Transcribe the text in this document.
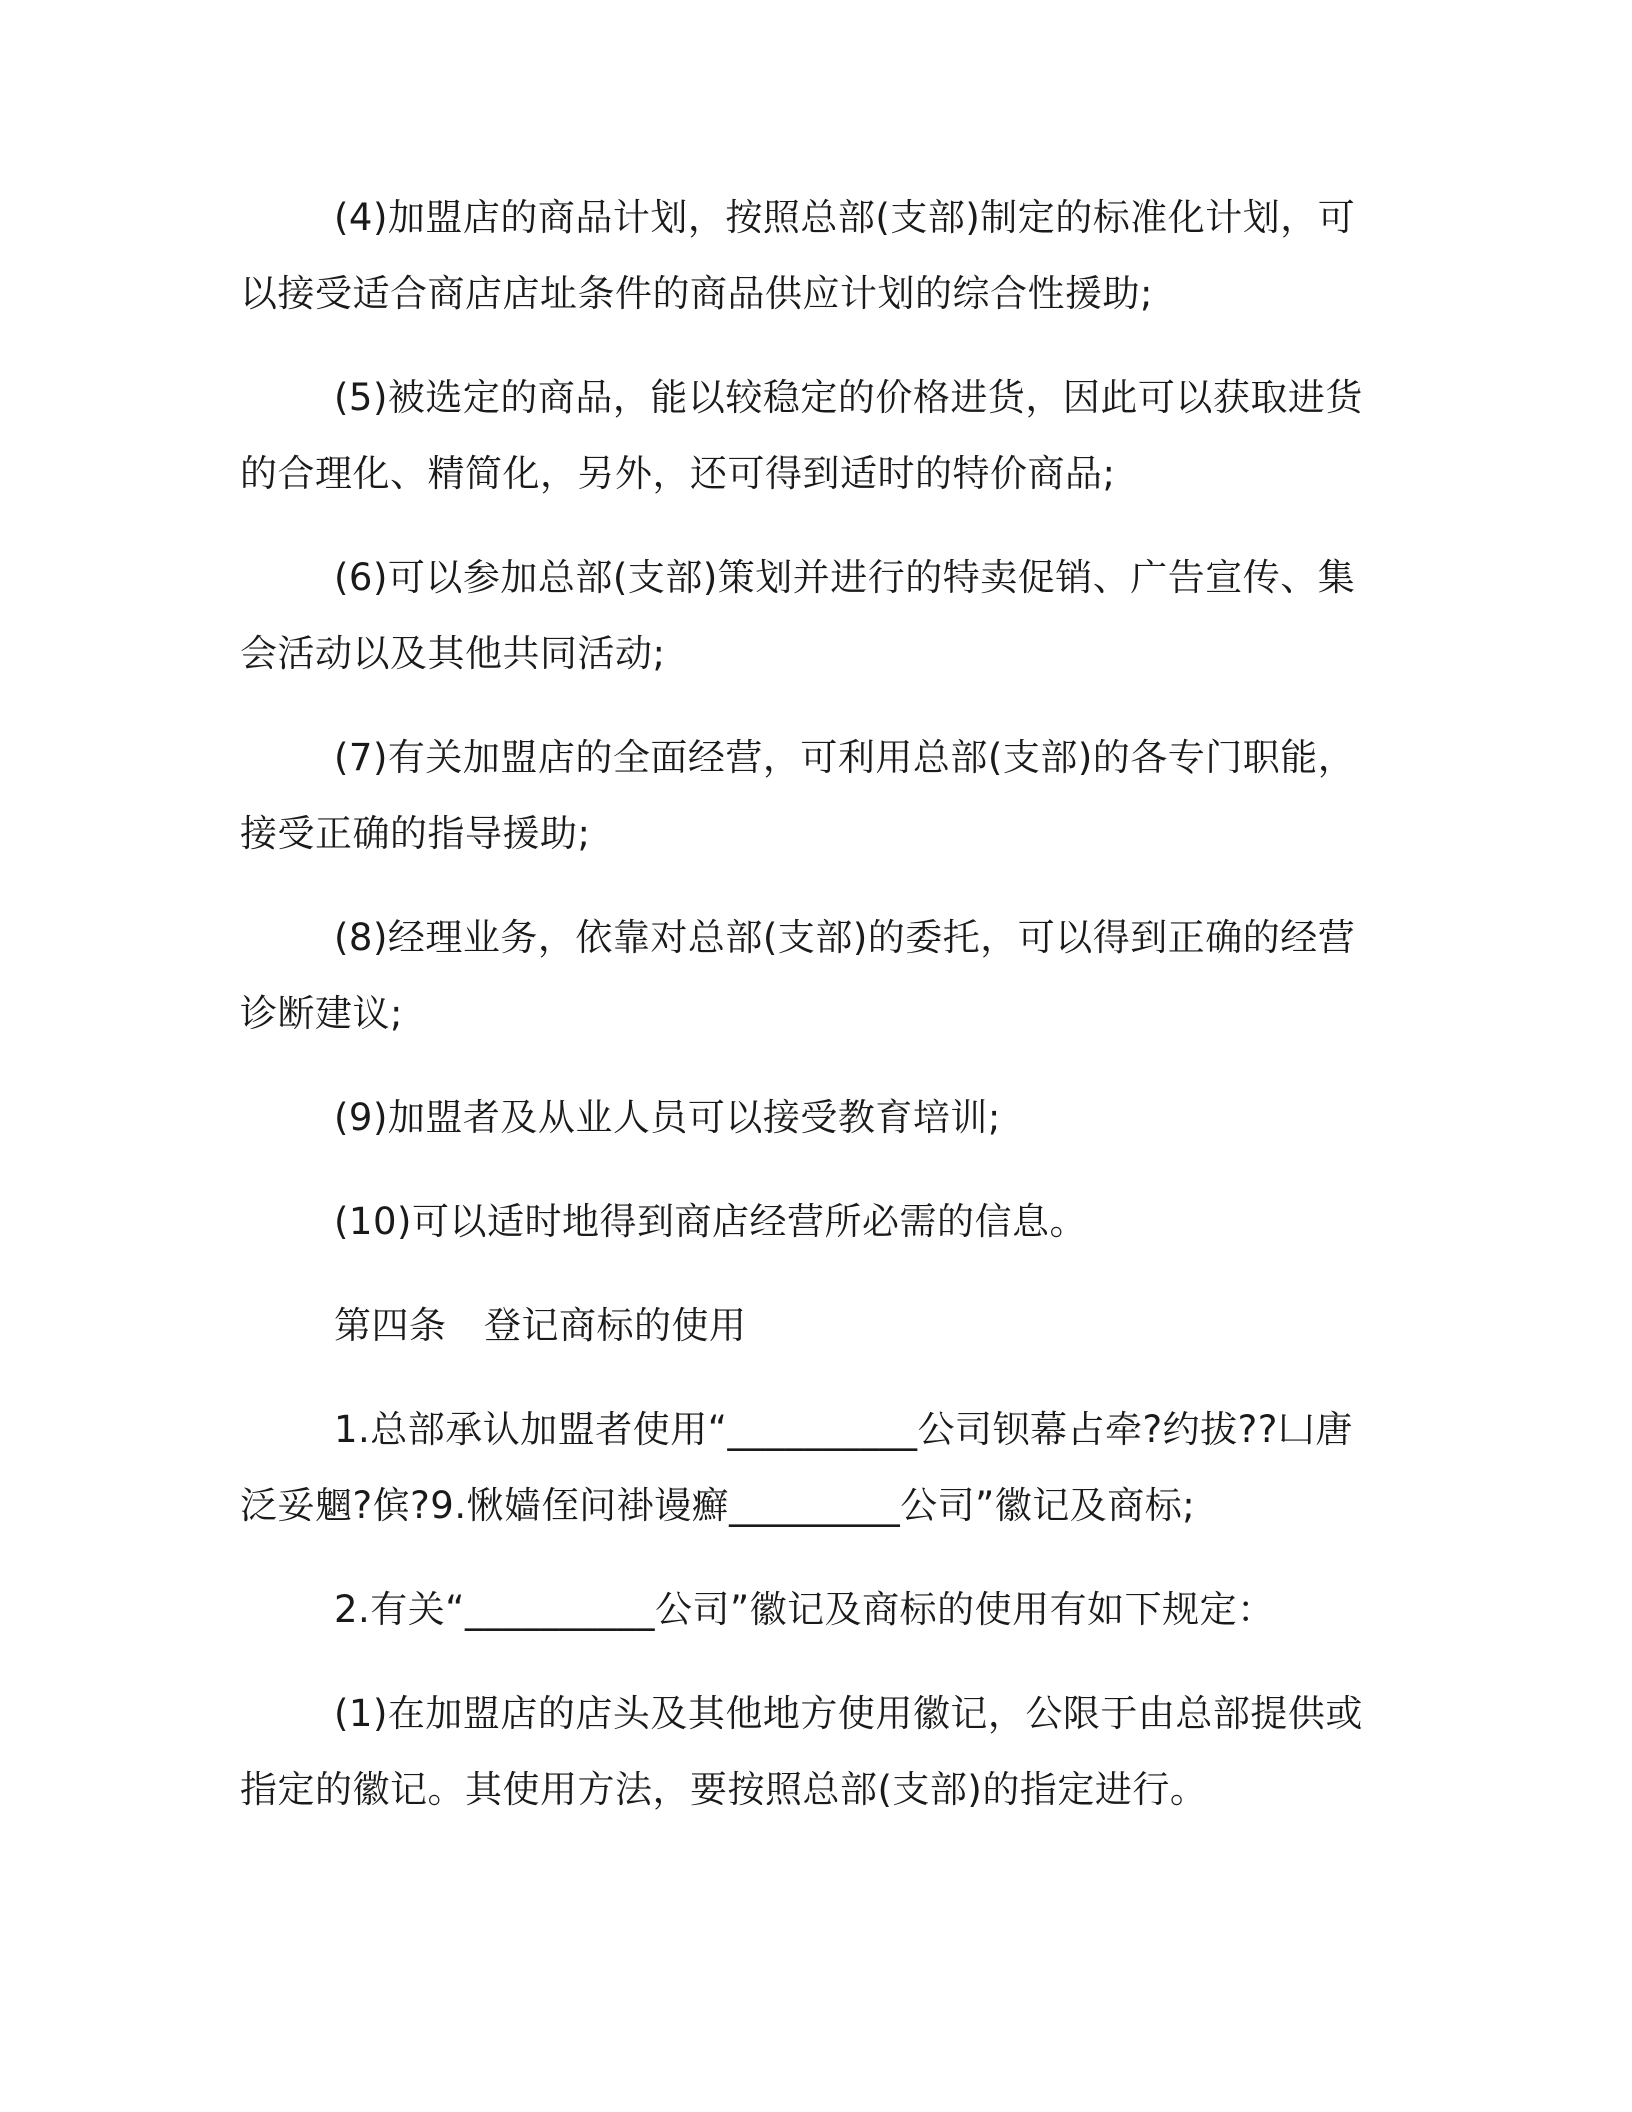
(4)加盟店的商品计划，按照总部(支部)制定的标准化计划，可以接受适合商店店址条件的商品供应计划的综合性援助;

(5)被选定的商品，能以较稳定的价格进货，因此可以获取进货的合理化、精简化，另外，还可得到适时的特价商品;

(6)可以参加总部(支部)策划并进行的特卖促销、广告宣传、集会活动以及其他共同活动;

(7)有关加盟店的全面经营，可利用总部(支部)的各专门职能，接受正确的指导援助;

(8)经理业务，依靠对总部(支部)的委托，可以得到正确的经营诊断建议;

(9)加盟者及从业人员可以接受教育培训;

(10)可以适时地得到商店经营所必需的信息。

第四条　登记商标的使用

1.总部承认加盟者使用“__________公司钡幕占牵?约拔??凵唐泛妥魍?傧?9.愀嫱侄问褂谩癬_________公司”徽记及商标;

2.有关“__________公司”徽记及商标的使用有如下规定：

(1)在加盟店的店头及其他地方使用徽记，公限于由总部提供或指定的徽记。其使用方法，要按照总部(支部)的指定进行。
